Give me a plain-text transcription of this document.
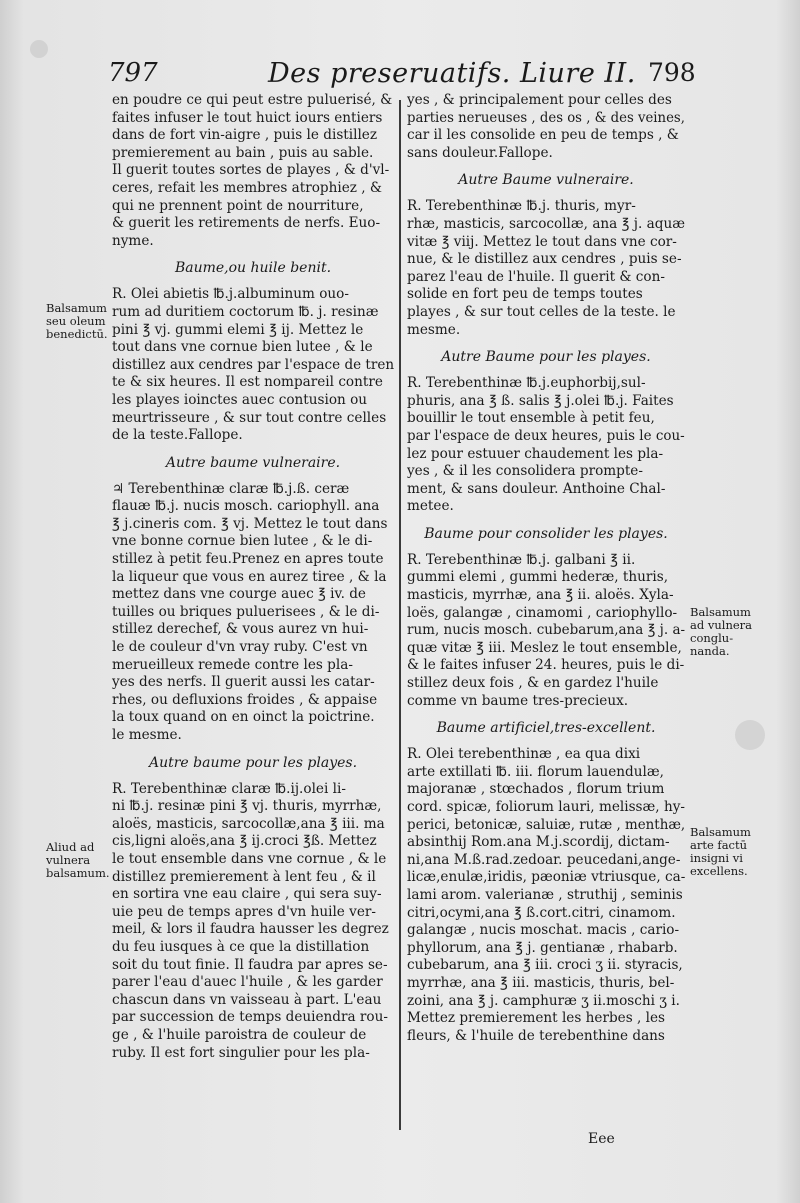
797	Des preseruatifs. Liure II. 798
en poudre ce qui peut estre puluerisé, &
faites infuser le tout huict iours entiers
dans de fort vin-aigre , puis le distillez
premierement au bain , puis au sable.
Il guerit toutes sortes de playes , & d'vl-
ceres, refait les membres atrophiez , &
qui ne prennent point de nourriture,
& guerit les retirements de nerfs. Euo-
nyme.
Baume,ou huile benit.
R. Olei abietis ℔.j.albuminum ouo-
rum ad duritiem coctorum ℔. j. resinæ
pini ℥ vj. gummi elemi ℥ ij. Mettez le
tout dans vne cornue bien lutee , & le
distillez aux cendres par l'espace de tren
te & six heures. Il est nompareil contre
les playes ioinctes auec contusion ou
meurtrisseure , & sur tout contre celles
de la teste.Fallope.
Autre baume vulneraire.
♃ Terebenthinæ claræ ℔.j.ß. ceræ
flauæ ℔.j. nucis mosch. cariophyll. ana
℥ j.cineris com. ℥ vj. Mettez le tout dans
vne bonne cornue bien lutee , & le di-
stillez à petit feu.Prenez en apres toute
la liqueur que vous en aurez tiree , & la
mettez dans vne courge auec ℥ iv. de
tuilles ou briques puluerisees , & le di-
stillez derechef, & vous aurez vn hui-
le de couleur d'vn vray ruby. C'est vn
merueilleux remede contre les pla-
yes des nerfs. Il guerit aussi les catar-
rhes, ou defluxions froides , & appaise
la toux quand on en oinct la poictrine.
le mesme.
Autre baume pour les playes.
R. Terebenthinæ claræ ℔.ij.olei li-
ni ℔.j. resinæ pini ℥ vj. thuris, myrrhæ,
aloës, masticis, sarcocollæ,ana ℥ iii. ma
cis,ligni aloës,ana ℥ ij.croci ℥ß. Mettez
le tout ensemble dans vne cornue , & le
distillez premierement à lent feu , & il
en sortira vne eau claire , qui sera suy-
uie peu de temps apres d'vn huile ver-
meil, & lors il faudra hausser les degrez
du feu iusques à ce que la distillation
soit du tout finie. Il faudra par apres se-
parer l'eau d'auec l'huile , & les garder
chascun dans vn vaisseau à part. L'eau
par succession de temps deuiendra rou-
ge , & l'huile paroistra de couleur de
ruby. Il est fort singulier pour les pla-
yes , & principalement pour celles des
parties nerueuses , des os , & des veines,
car il les consolide en peu de temps , &
sans douleur.Fallope.
Autre Baume vulneraire.
R. Terebenthinæ ℔.j. thuris, myr-
rhæ, masticis, sarcocollæ, ana ℥ j. aquæ
vitæ ℥ viij. Mettez le tout dans vne cor-
nue, & le distillez aux cendres , puis se-
parez l'eau de l'huile. Il guerit & con-
solide en fort peu de temps toutes
playes , & sur tout celles de la teste. le
mesme.
Autre Baume pour les playes.
R. Terebenthinæ ℔.j.euphorbij,sul-
phuris, ana ℥ ß. salis ℥ j.olei ℔.j. Faites
bouillir le tout ensemble à petit feu,
par l'espace de deux heures, puis le cou-
lez pour estuuer chaudement les pla-
yes , & il les consolidera prompte-
ment, & sans douleur. Anthoine Chal-
metee.
Baume pour consolider les playes.
R. Terebenthinæ ℔.j. galbani ℥ ii.
gummi elemi , gummi hederæ, thuris,
masticis, myrrhæ, ana ℥ ii. aloës. Xyla-
loës, galangæ , cinamomi , cariophyllo-
rum, nucis mosch. cubebarum,ana ℥ j. a-
quæ vitæ ℥ iii. Meslez le tout ensemble,
& le faites infuser 24. heures, puis le di-
stillez deux fois , & en gardez l'huile
comme vn baume tres-precieux.
Baume artificiel,tres-excellent.
R. Olei terebenthinæ , ea qua dixi
arte extillati ℔. iii. florum lauendulæ,
majoranæ , stœchados , florum trium
cord. spicæ, foliorum lauri, melissæ, hy-
perici, betonicæ, saluiæ, rutæ , menthæ,
absinthij Rom.ana M.j.scordij, dictam-
ni,ana M.ß.rad.zedoar. peucedani,ange-
licæ,enulæ,iridis, pæoniæ vtriusque, ca-
lami arom. valerianæ , struthij , seminis
citri,ocymi,ana ℥ ß.cort.citri, cinamom.
galangæ , nucis moschat. macis , cario-
phyllorum, ana ℥ j. gentianæ , rhabarb.
cubebarum, ana ℥ iii. croci ʒ ii. styracis,
myrrhæ, ana ℥ iii. masticis, thuris, bel-
zoini, ana ℥ j. camphuræ ʒ ii.moschi ʒ i.
Mettez premierement les herbes , les
fleurs, & l'huile de terebenthine dans
Balsamum
seu oleum
benedictū.
Aliud ad
vulnera
balsamum.
Balsamum
ad vulnera
conglu-
nanda.
Balsamum
arte factū
insigni vi
excellens.
Eee
